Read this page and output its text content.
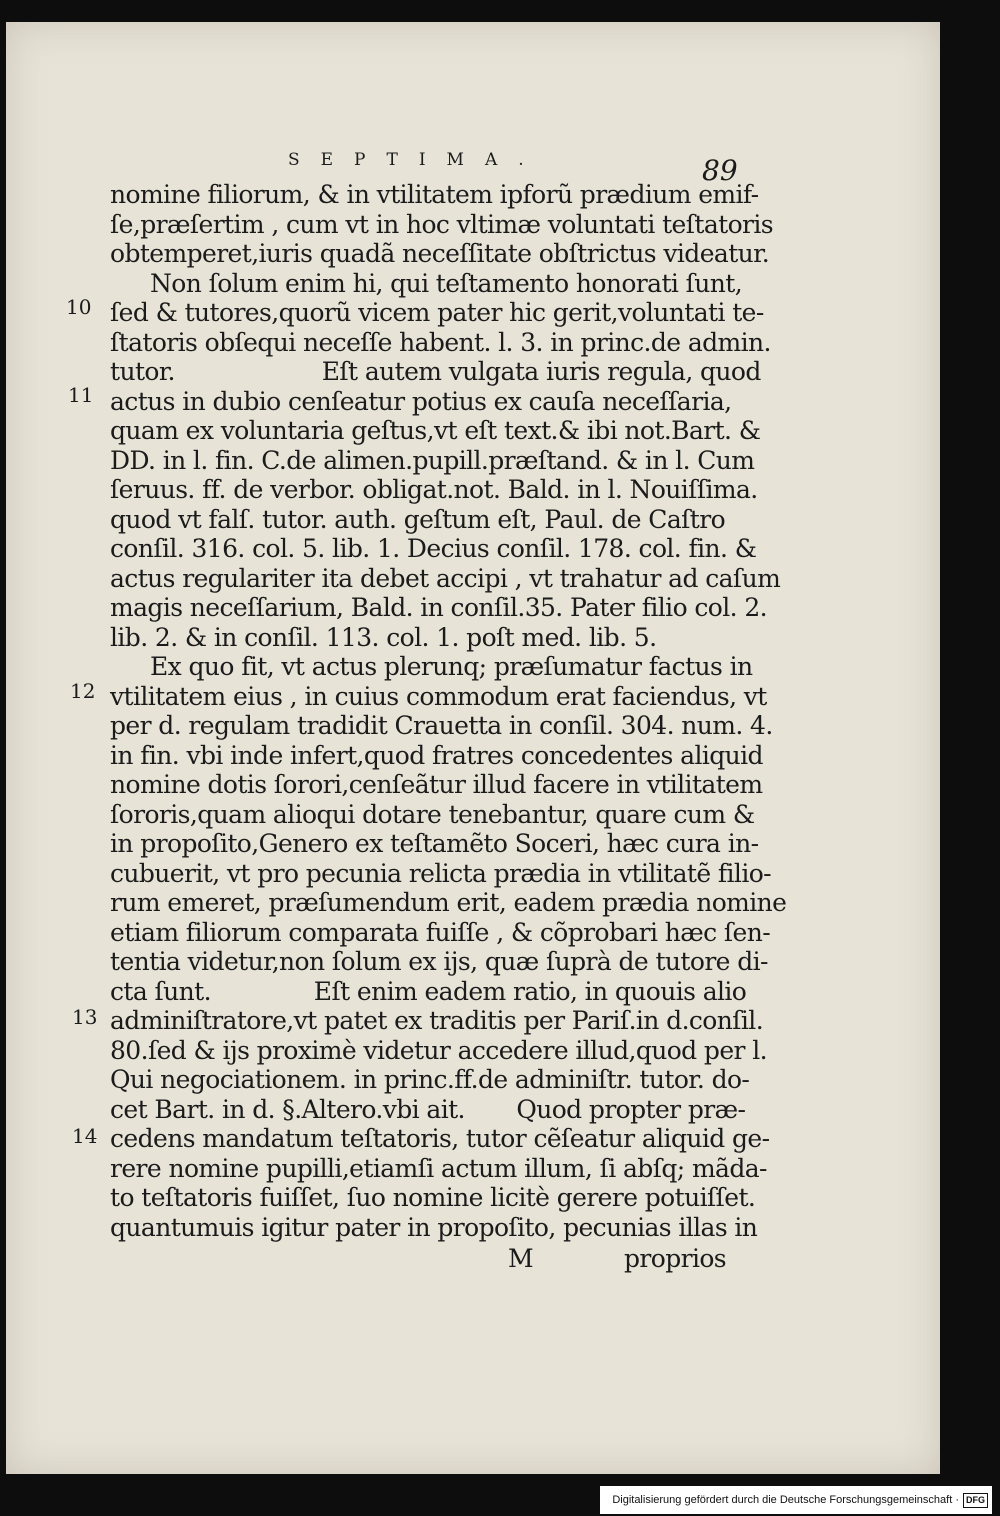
SEPTIMA.	89
10
11
12
13
14
nomine filiorum, & in vtilitatem ipforũ prædium emif-
ſe,præſertim , cum vt in hoc vltimæ voluntati teſtatoris
obtemperet,iuris quadã neceſſitate obſtrictus videatur.
Non ſolum enim hi, qui teſtamento honorati ſunt,
ſed & tutores,quorũ vicem pater hic gerit,voluntati te-
ſtatoris obſequi neceſſe habent. l. 3. in princ.de admin.
tutor.                    Eſt autem vulgata iuris regula, quod
actus in dubio cenſeatur potius ex cauſa neceſſaria,
quam ex voluntaria geſtus,vt eſt text.& ibi not.Bart. &
DD. in l. fin. C.de alimen.pupill.præſtand. & in l. Cum
ſeruus. ff. de verbor. obligat.not. Bald. in l. Nouiſſima.
quod vt falſ. tutor. auth. geſtum eſt, Paul. de Caſtro
conſil. 316. col. 5. lib. 1. Decius conſil. 178. col. fin. &
actus regulariter ita debet accipi , vt trahatur ad caſum
magis neceſſarium, Bald. in conſil.35. Pater filio col. 2.
lib. 2. & in conſil. 113. col. 1. poſt med. lib. 5.
Ex quo fit, vt actus plerunq; præſumatur factus in
vtilitatem eius , in cuius commodum erat faciendus, vt
per d. regulam tradidit Crauetta in conſil. 304. num. 4.
in fin. vbi inde infert,quod fratres concedentes aliquid
nomine dotis ſorori,cenſeãtur illud facere in vtilitatem
ſororis,quam alioqui dotare tenebantur, quare cum &
in propoſito,Genero ex teſtamẽto Soceri, hæc cura in-
cubuerit, vt pro pecunia relicta prædia in vtilitatẽ filio-
rum emeret, præſumendum erit, eadem prædia nomine
etiam filiorum comparata fuiſſe , & cõprobari hæc ſen-
tentia videtur,non ſolum ex ijs, quæ ſuprà de tutore di-
cta ſunt.              Eſt enim eadem ratio, in quouis alio
adminiſtratore,vt patet ex traditis per Pariſ.in d.conſil.
80.ſed & ijs proximè videtur accedere illud,quod per l.
Qui negociationem. in princ.ff.de adminiſtr. tutor. do-
cet Bart. in d. §.Altero.vbi ait.       Quod propter præ-
cedens mandatum teſtatoris, tutor cẽſeatur aliquid ge-
rere nomine pupilli,etiamſi actum illum, ſi abſq; mãda-
to teſtatoris fuiſſet, ſuo nomine licitè gerere potuiſſet.
quantumuis igitur pater in propoſito, pecunias illas in
M	proprios
Digitalisierung gefördert durch die Deutsche Forschungsgemeinschaft · DFG
